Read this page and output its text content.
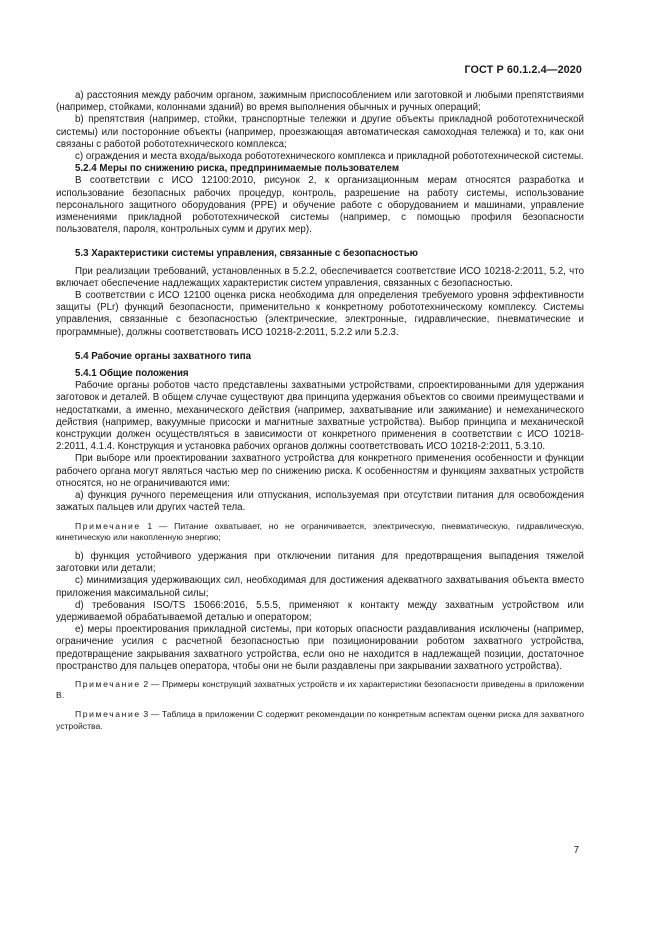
ГОСТ Р 60.1.2.4—2020

a) расстояния между рабочим органом, зажимным приспособлением или заготовкой и любыми препятствиями (например, стойками, колоннами зданий) во время выполнения обычных и ручных операций;

b) препятствия (например, стойки, транспортные тележки и другие объекты прикладной робототехнической системы) или посторонние объекты (например, проезжающая автоматическая самоходная тележка) и то, как они связаны с работой робототехнического комплекса;

c) ограждения и места входа/выхода робототехнического комплекса и прикладной робототехнической системы.

5.2.4 Меры по снижению риска, предпринимаемые пользователем

В соответствии с ИСО 12100:2010, рисунок 2, к организационным мерам относятся разработка и использование безопасных рабочих процедур, контроль, разрешение на работу системы, использование персонального защитного оборудования (PPE) и обучение работе с оборудованием и машинами, управление изменениями прикладной робототехнической системы (например, с помощью профиля безопасности пользователя, пароля, контрольных сумм и других мер).

5.3 Характеристики системы управления, связанные с безопасностью

При реализации требований, установленных в 5.2.2, обеспечивается соответствие ИСО 10218-2:2011, 5.2, что включает обеспечение надлежащих характеристик систем управления, связанных с безопасностью.

В соответствии с ИСО 12100 оценка риска необходима для определения требуемого уровня эффективности защиты (PLr) функций безопасности, применительно к конкретному робототехническому комплексу. Системы управления, связанные с безопасностью (электрические, электронные, гидравлические, пневматические и программные), должны соответствовать ИСО 10218-2:2011, 5.2.2 или 5.2.3.

5.4 Рабочие органы захватного типа
5.4.1 Общие положения

Рабочие органы роботов часто представлены захватными устройствами, спроектированными для удержания заготовок и деталей. В общем случае существуют два принципа удержания объектов со своими преимуществами и недостатками, а именно, механического действия (например, захватывание или зажимание) и немеханического действия (например, вакуумные присоски и магнитные захватные устройства). Выбор принципа и механической конструкции должен осуществляться в зависимости от конкретного применения в соответствии с ИСО 10218-2:2011, 4.1.4. Конструкция и установка рабочих органов должны соответствовать ИСО 10218-2:2011, 5.3.10.

При выборе или проектировании захватного устройства для конкретного применения особенности и функции рабочего органа могут являться частью мер по снижению риска. К особенностям и функциям захватных устройств относятся, но не ограничиваются ими:

a) функция ручного перемещения или отпускания, используемая при отсутствии питания для освобождения зажатых пальцев или других частей тела.

Примечание 1 — Питание охватывает, но не ограничивается, электрическую, пневматическую, гидравлическую, кинетическую или накопленную энергию;

b) функция устойчивого удержания при отключении питания для предотвращения выпадения тяжелой заготовки или детали;

c) минимизация удерживающих сил, необходимая для достижения адекватного захватывания объекта вместо приложения максимальной силы;

d) требования ISO/TS 15066:2016, 5.5.5, применяют к контакту между захватным устройством или удерживаемой обрабатываемой деталью и оператором;

e) меры проектирования прикладной системы, при которых опасности раздавливания исключены (например, ограничение усилия с расчетной безопасностью при позиционировании роботом захватного устройства, предотвращение закрывания захватного устройства, если оно не находится в надлежащей позиции, достаточное пространство для пальцев оператора, чтобы они не были раздавлены при закрывании захватного устройства).

Примечание 2 — Примеры конструкций захватных устройств и их характеристики безопасности приведены в приложении B.

Примечание 3 — Таблица в приложении C содержит рекомендации по конкретным аспектам оценки риска для захватного устройства.

7
